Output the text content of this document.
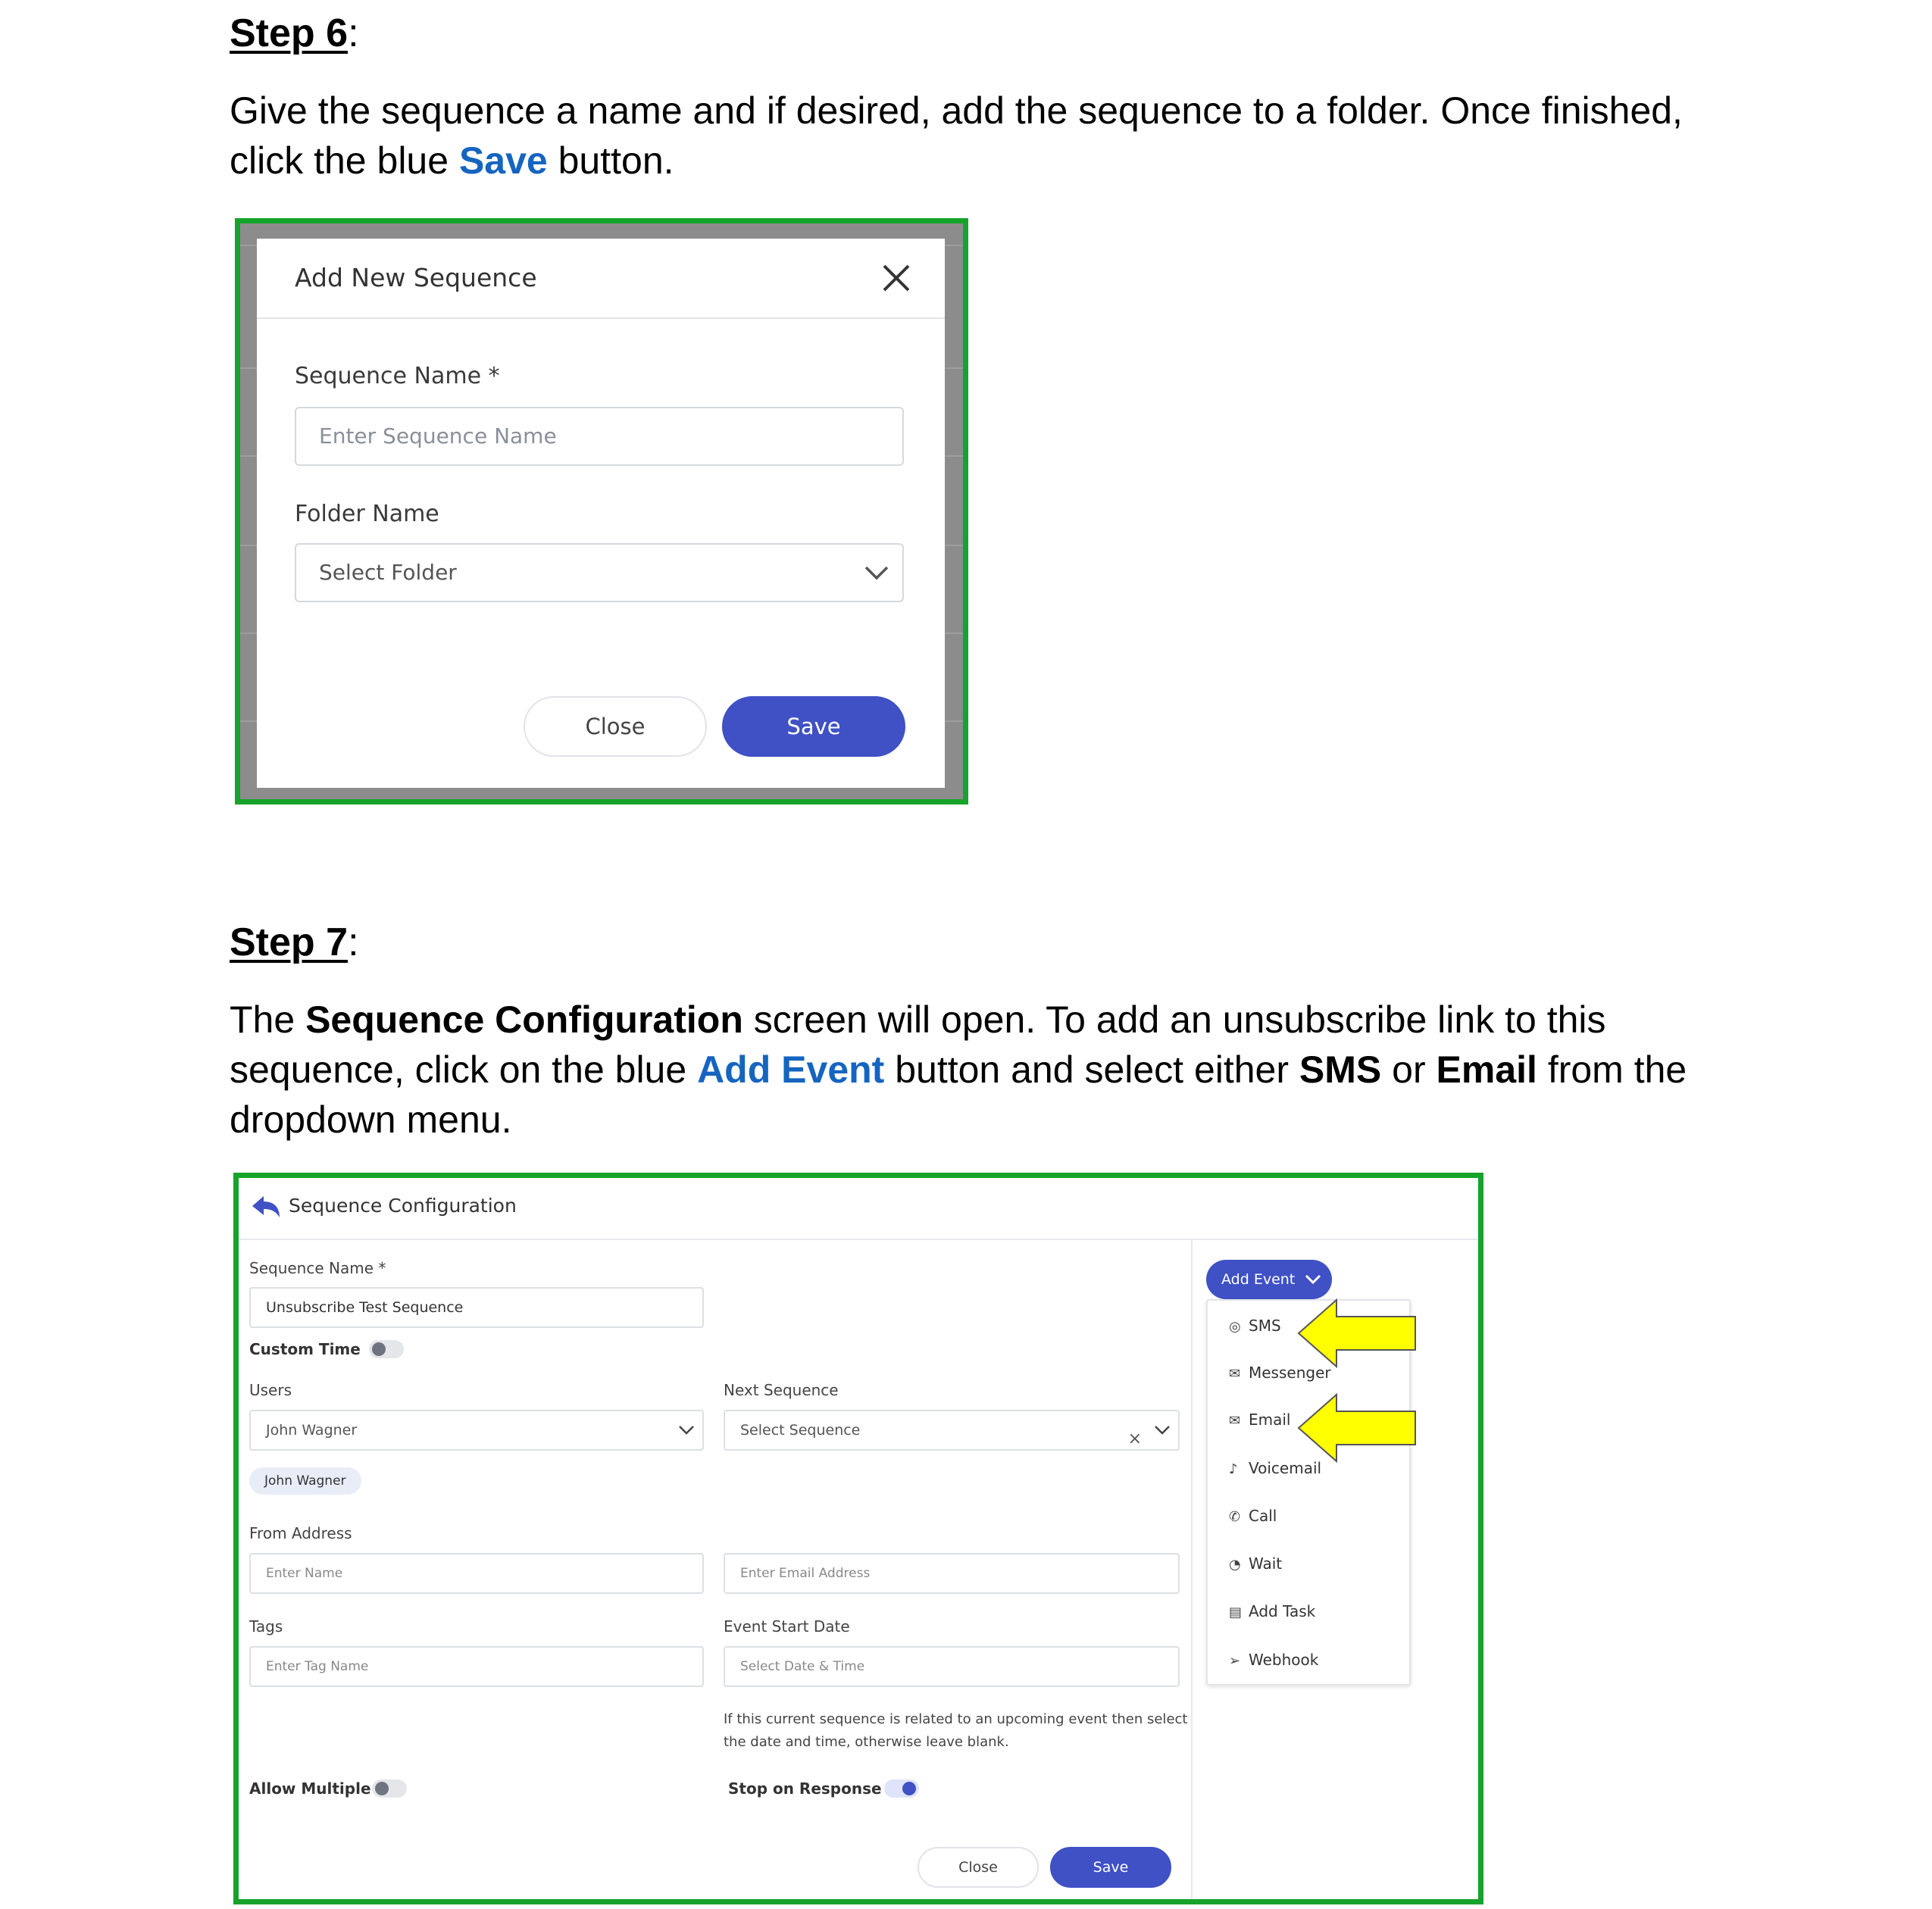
Step 6:
Give the sequence a name and if desired, add the sequence to a folder. Once finished, click the blue Save button.
Add New Sequence
Sequence Name *
Enter Sequence Name
Folder Name
Select Folder
Close	Save
Step 7:
The Sequence Configuration screen will open. To add an unsubscribe link to this sequence, click on the blue Add Event button and select either SMS or Email from the dropdown menu.
Sequence Configuration
Sequence Name *
Unsubscribe Test Sequence
Custom Time
Users
John Wagner
John Wagner
Next Sequence
Select Sequence	×
From Address
Enter Name	Enter Email Address
Tags
Enter Tag Name
Event Start Date
Select Date & Time
If this current sequence is related to an upcoming event then select the date and time, otherwise leave blank.
Allow Multiple	Stop on Response
Close	Save
Add Event
◎ SMS
✉ Messenger
✉ Email
♪ Voicemail
✆ Call
◔ Wait
▤ Add Task
➢ Webhook
